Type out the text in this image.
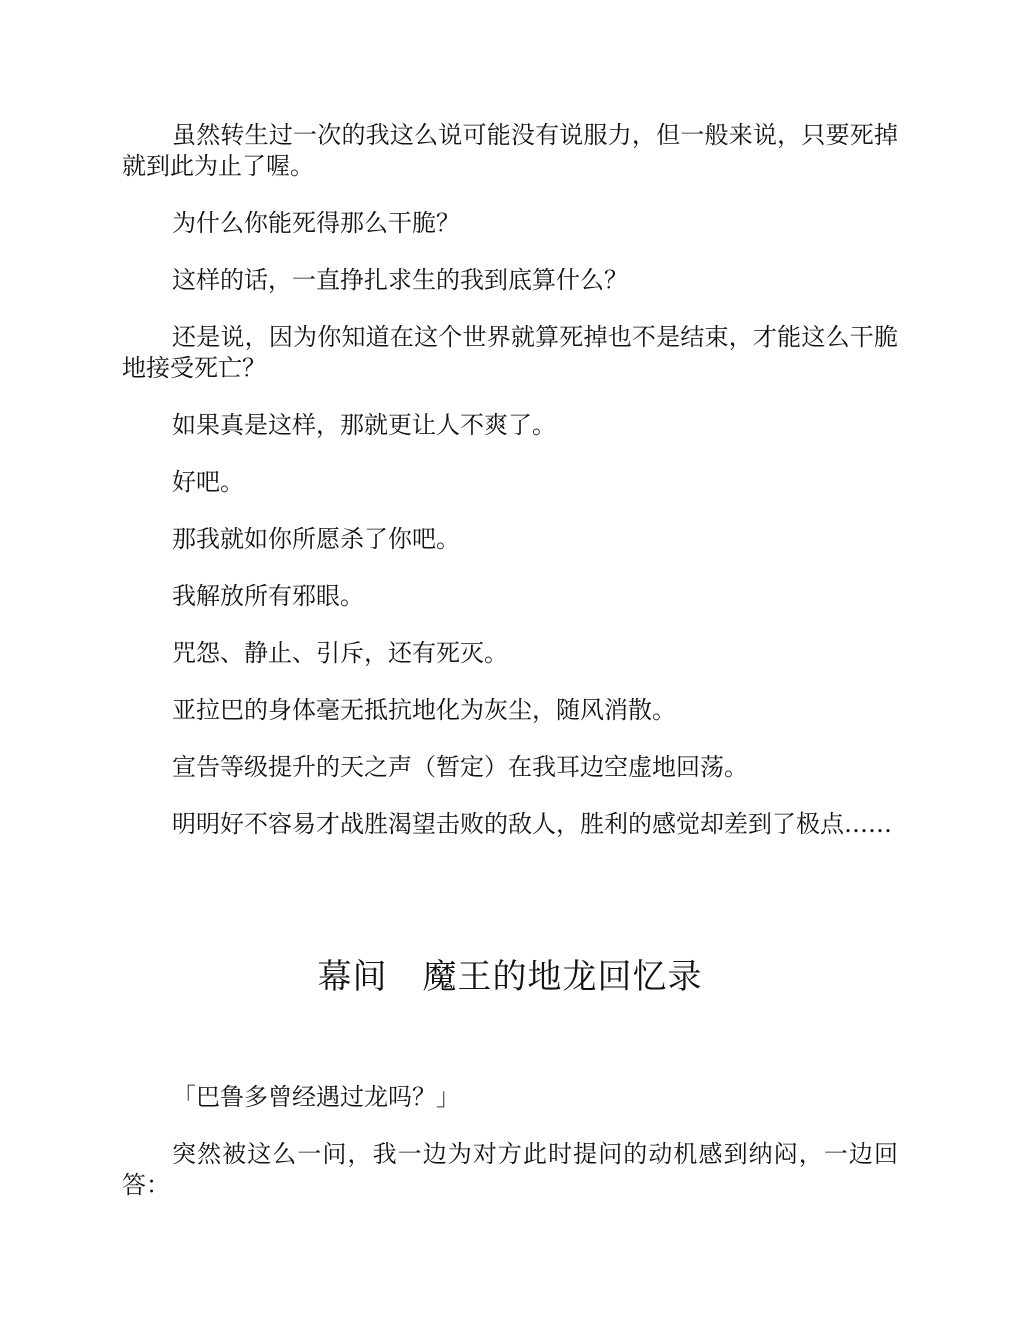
虽然转生过一次的我这么说可能没有说服力，但一般来说，只要死掉就到此为止了喔。

为什么你能死得那么干脆？

这样的话，一直挣扎求生的我到底算什么？

还是说，因为你知道在这个世界就算死掉也不是结束，才能这么干脆地接受死亡？

如果真是这样，那就更让人不爽了。

好吧。

那我就如你所愿杀了你吧。

我解放所有邪眼。

咒怨、静止、引斥，还有死灭。

亚拉巴的身体毫无抵抗地化为灰尘，随风消散。

宣告等级提升的天之声（暂定）在我耳边空虚地回荡。

明明好不容易才战胜渴望击败的敌人，胜利的感觉却差到了极点……

幕间　魔王的地龙回忆录

「巴鲁多曾经遇过龙吗？」

突然被这么一问，我一边为对方此时提问的动机感到纳闷，一边回答：
